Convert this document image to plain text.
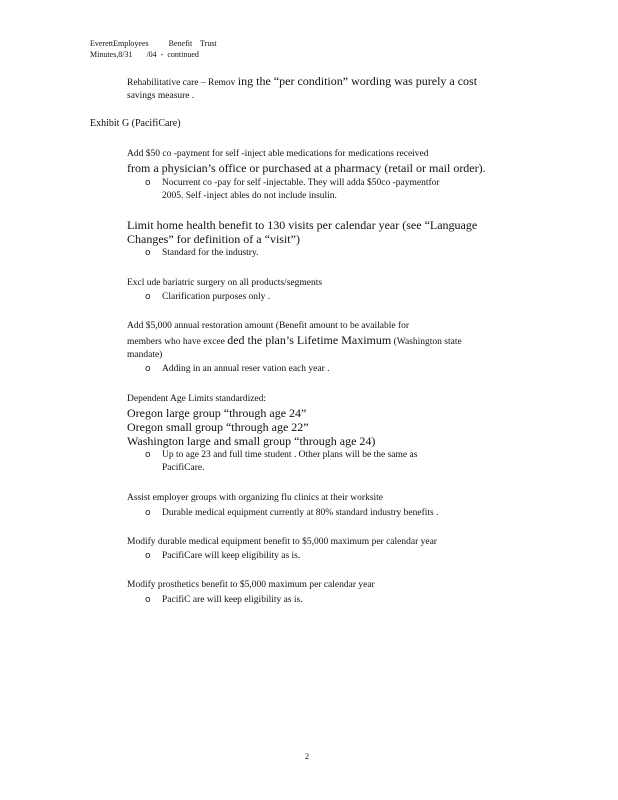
EverettEmployees          Benefit    Trust
Minutes,8/31       /04  -  continued
Rehabilitative care – Remov ing the “per condition” wording was purely a cost
savings measure .
Exhibit G (PacifiCare)
Add $50 co -payment for self -inject able medications for medications received
from a physician’s office or purchased at a pharmacy (retail or mail order).
o Nocurrent co -pay for self -injectable. They will adda $50co -paymentfor
2005. Self -inject ables do not include insulin.
Limit home health benefit to 130 visits per calendar year (see “Language
Changes” for definition of a “visit”)
o Standard for the industry.
Excl ude bariatric surgery on all products/segments
o Clarification purposes only .
Add $5,000 annual restoration amount (Benefit amount to be available for
members who have excee ded the plan’s Lifetime Maximum (Washington state
mandate)
o Adding in an annual reser vation each year .
Dependent Age Limits standardized:
Oregon large group “through age 24”
Oregon small group “through age 22”
Washington large and small group “through age 24)
o Up to age 23 and full time student . Other plans will be the same as
PacifiCare.
Assist employer groups with organizing flu clinics at their worksite
o Durable medical equipment currently at 80% standard industry benefits .
Modify durable medical equipment benefit to $5,000 maximum per calendar year
o PacifiCare will keep eligibility as is.
Modify prosthetics benefit to $5,000 maximum per calendar year
o PacifiC are will keep eligibility as is.
2
